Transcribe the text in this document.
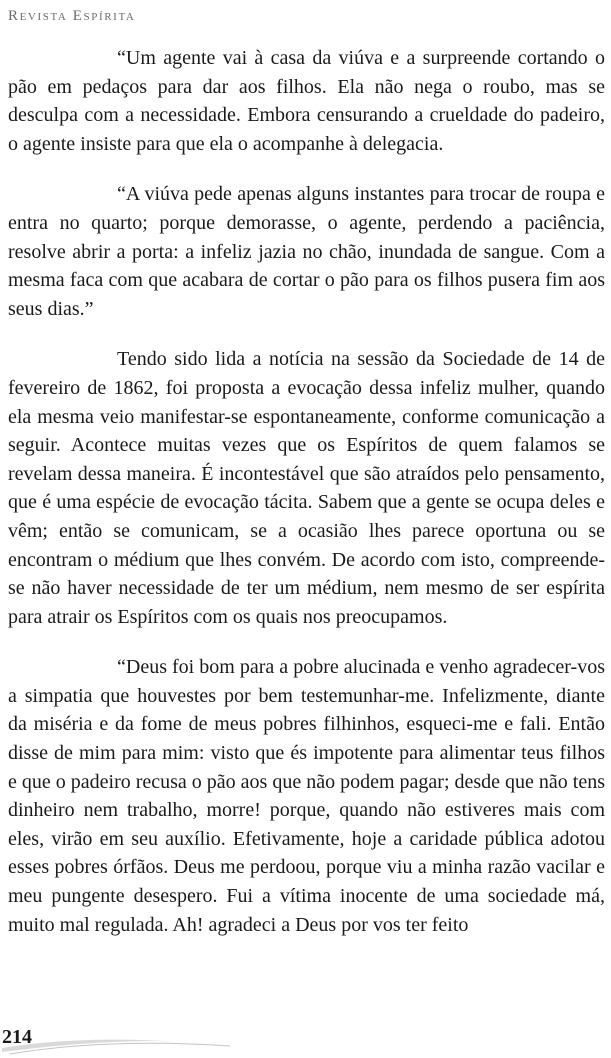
Revista Espírita

“Um agente vai à casa da viúva e a surpreende cortando o pão em pedaços para dar aos filhos. Ela não nega o roubo, mas se desculpa com a necessidade. Embora censurando a crueldade do padeiro, o agente insiste para que ela o acompanhe à delegacia.

“A viúva pede apenas alguns instantes para trocar de roupa e entra no quarto; porque demorasse, o agente, perdendo a paciência, resolve abrir a porta: a infeliz jazia no chão, inundada de sangue. Com a mesma faca com que acabara de cortar o pão para os filhos pusera fim aos seus dias.”

Tendo sido lida a notícia na sessão da Sociedade de 14 de fevereiro de 1862, foi proposta a evocação dessa infeliz mulher, quando ela mesma veio manifestar-se espontaneamente, conforme comunicação a seguir. Acontece muitas vezes que os Espíritos de quem falamos se revelam dessa maneira. É incontestável que são atraídos pelo pensamento, que é uma espécie de evocação tácita. Sabem que a gente se ocupa deles e vêm; então se comunicam, se a ocasião lhes parece oportuna ou se encontram o médium que lhes convém. De acordo com isto, compreende-se não haver necessidade de ter um médium, nem mesmo de ser espírita para atrair os Espíritos com os quais nos preocupamos.

“Deus foi bom para a pobre alucinada e venho agradecer-vos a simpatia que houvestes por bem testemunhar-me. Infelizmente, diante da miséria e da fome de meus pobres filhinhos, esqueci-me e fali. Então disse de mim para mim: visto que és impotente para alimentar teus filhos e que o padeiro recusa o pão aos que não podem pagar; desde que não tens dinheiro nem trabalho, morre! porque, quando não estiveres mais com eles, virão em seu auxílio. Efetivamente, hoje a caridade pública adotou esses pobres órfãos. Deus me perdoou, porque viu a minha razão vacilar e meu pungente desespero. Fui a vítima inocente de uma sociedade má, muito mal regulada. Ah! agradeci a Deus por vos ter feito

214
